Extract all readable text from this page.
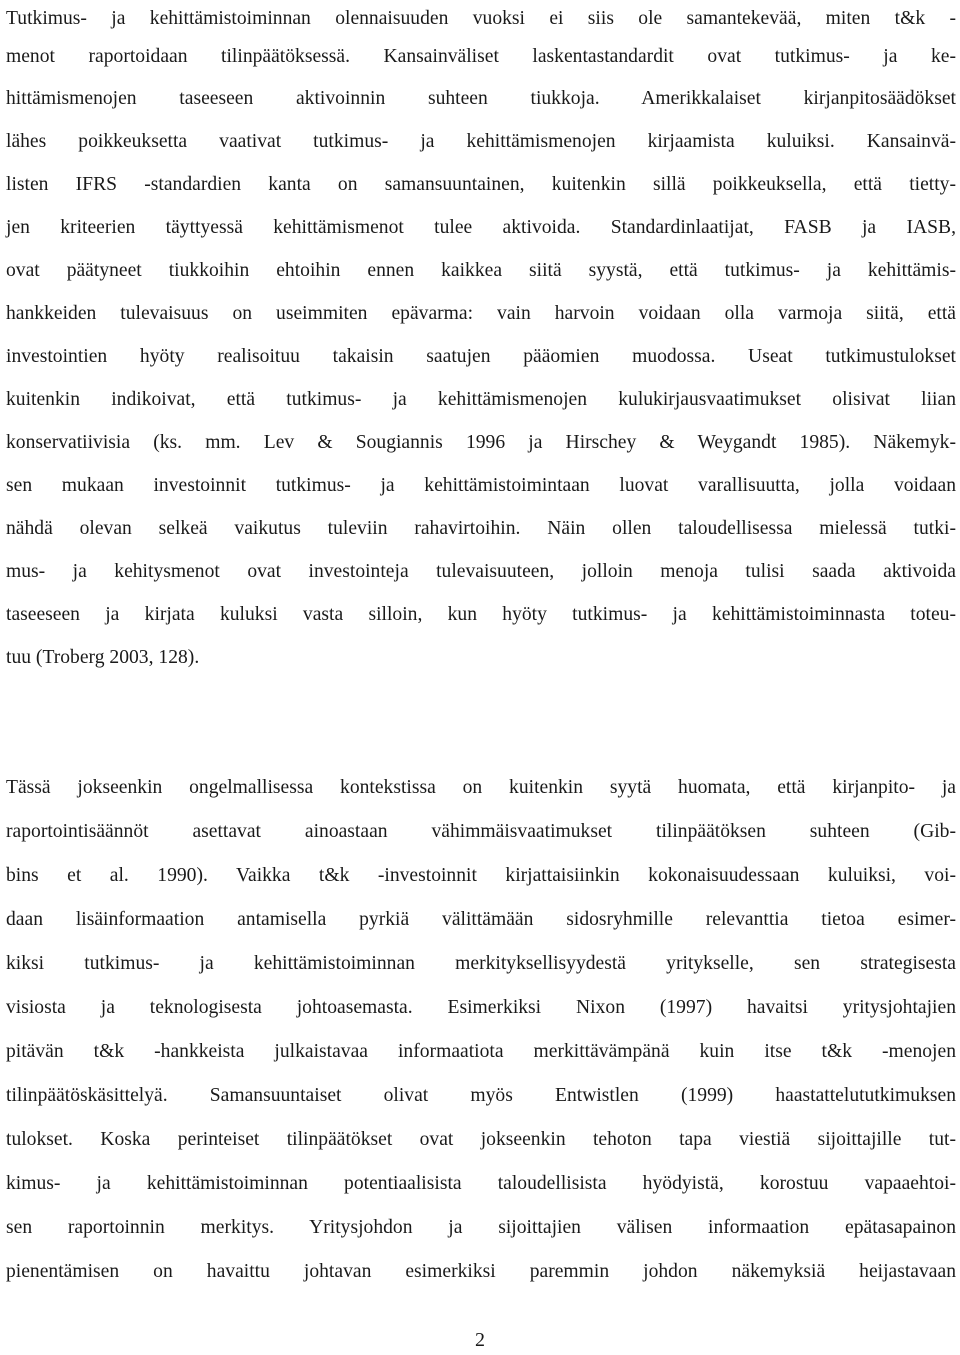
Tutkimus- ja kehittämistoiminnan olennaisuuden vuoksi ei siis ole samantekevää, miten t&k -
menot raportoidaan tilinpäätöksessä. Kansainväliset laskentastandardit ovat tutkimus- ja ke-
hittämismenojen taseeseen aktivoinnin suhteen tiukkoja. Amerikkalaiset kirjanpitosäädökset
lähes poikkeuksetta vaativat tutkimus- ja kehittämismenojen kirjaamista kuluiksi. Kansainvä-
listen IFRS -standardien kanta on samansuuntainen, kuitenkin sillä poikkeuksella, että tietty-
jen kriteerien täyttyessä kehittämismenot tulee aktivoida. Standardinlaatijat, FASB ja IASB,
ovat päätyneet tiukkoihin ehtoihin ennen kaikkea siitä syystä, että tutkimus- ja kehittämis-
hankkeiden tulevaisuus on useimmiten epävarma: vain harvoin voidaan olla varmoja siitä, että
investointien hyöty realisoituu takaisin saatujen pääomien muodossa. Useat tutkimustulokset
kuitenkin indikoivat, että tutkimus- ja kehittämismenojen kulukirjausvaatimukset olisivat liian
konservatiivisia (ks. mm. Lev & Sougiannis 1996 ja Hirschey & Weygandt 1985). Näkemyk-
sen mukaan investoinnit tutkimus- ja kehittämistoimintaan luovat varallisuutta, jolla voidaan
nähdä olevan selkeä vaikutus tuleviin rahavirtoihin. Näin ollen taloudellisessa mielessä tutki-
mus- ja kehitysmenot ovat investointeja tulevaisuuteen, jolloin menoja tulisi saada aktivoida
taseeseen ja kirjata kuluksi vasta silloin, kun hyöty tutkimus- ja kehittämistoiminnasta toteu-
tuu (Troberg 2003, 128).
Tässä jokseenkin ongelmallisessa kontekstissa on kuitenkin syytä huomata, että kirjanpito- ja
raportointisäännöt asettavat ainoastaan vähimmäisvaatimukset tilinpäätöksen suhteen (Gib-
bins et al. 1990). Vaikka t&k -investoinnit kirjattaisiinkin kokonaisuudessaan kuluiksi, voi-
daan lisäinformaation antamisella pyrkiä välittämään sidosryhmille relevanttia tietoa esimer-
kiksi tutkimus- ja kehittämistoiminnan merkityksellisyydestä yritykselle, sen strategisesta
visiosta ja teknologisesta johtoasemasta. Esimerkiksi Nixon (1997) havaitsi yritysjohtajien
pitävän t&k -hankkeista julkaistavaa informaatiota merkittävämpänä kuin itse t&k -menojen
tilinpäätöskäsittelyä. Samansuuntaiset olivat myös Entwistlen (1999) haastattelututkimuksen
tulokset. Koska perinteiset tilinpäätökset ovat jokseenkin tehoton tapa viestiä sijoittajille tut-
kimus- ja kehittämistoiminnan potentiaalisista taloudellisista hyödyistä, korostuu vapaaehtoi-
sen raportoinnin merkitys. Yritysjohdon ja sijoittajien välisen informaation epätasapainon
pienentämisen on havaittu johtavan esimerkiksi paremmin johdon näkemyksiä heijastavaan
2
